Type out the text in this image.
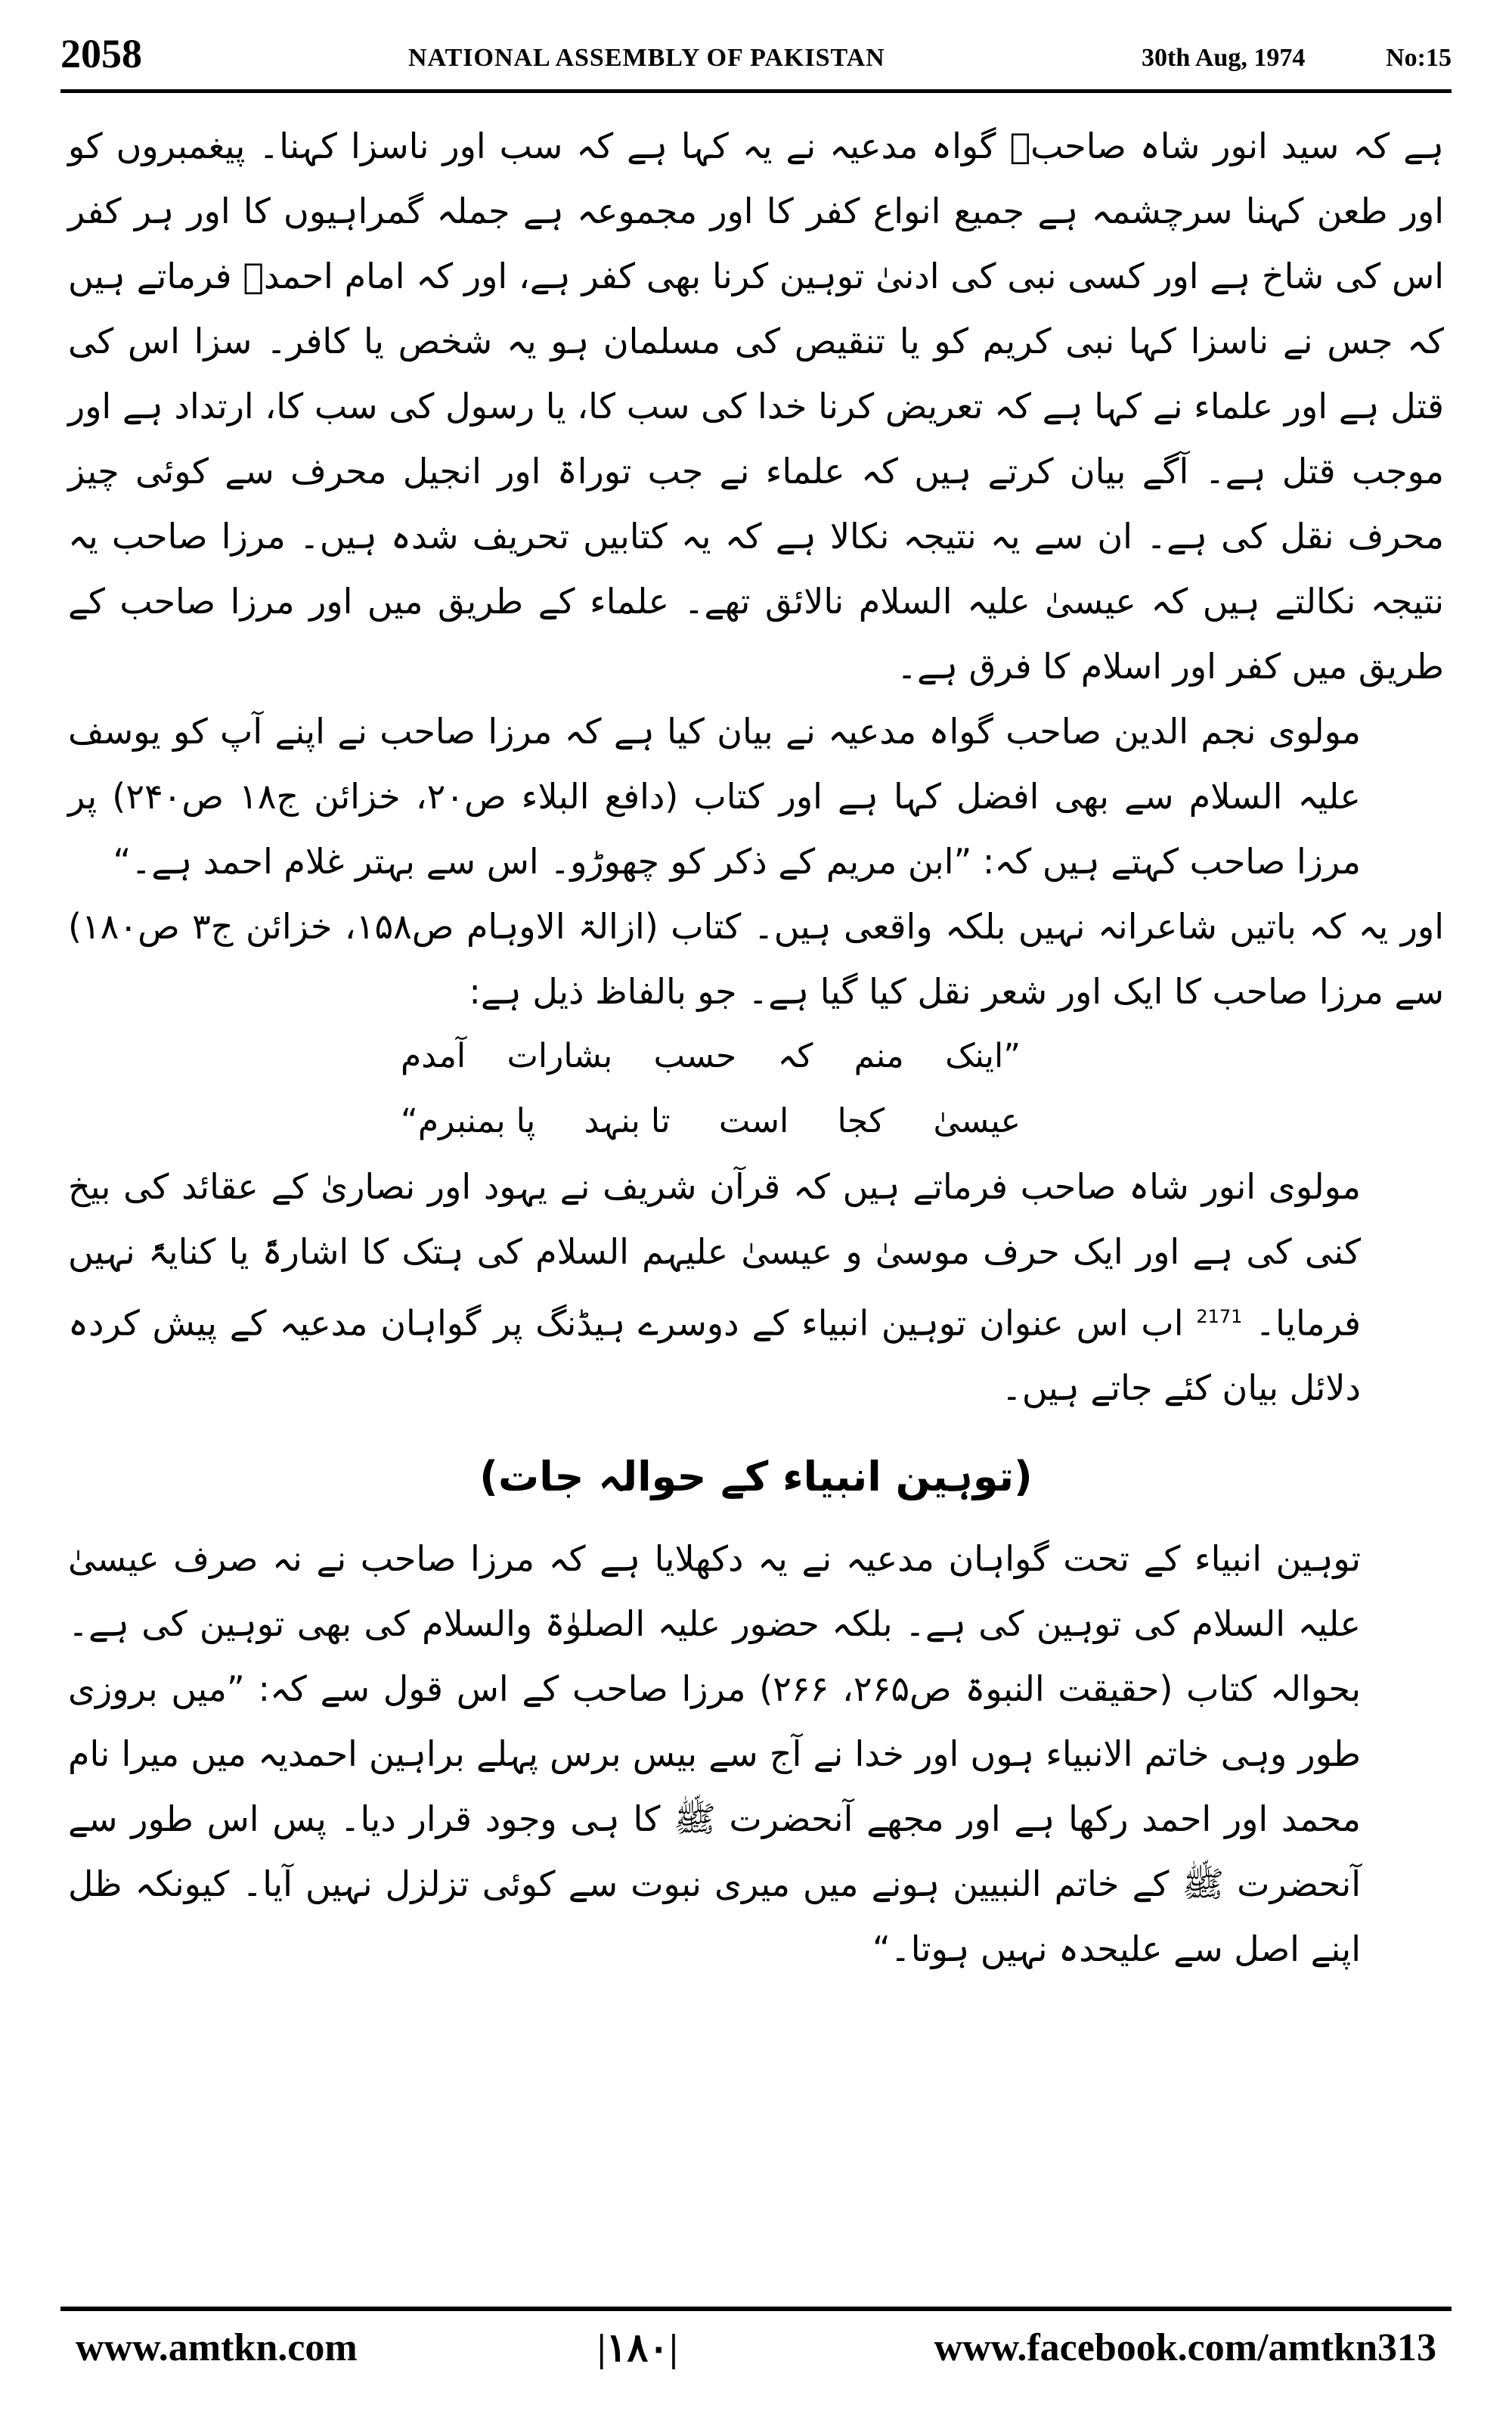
2058	NATIONAL ASSEMBLY OF PAKISTAN	30th Aug, 1974	No:15

ہے کہ سید انور شاہ صاحبؒ گواہ مدعیہ نے یہ کہا ہے کہ سب اور ناسزا کہنا۔ پیغمبروں کو اور طعن کہنا سرچشمہ ہے جمیع انواع کفر کا اور مجموعہ ہے جملہ گمراہیوں کا اور ہر کفر اس کی شاخ ہے اور کسی نبی کی ادنیٰ توہین کرنا بھی کفر ہے، اور کہ امام احمدؒ فرماتے ہیں کہ جس نے ناسزا کہا نبی کریم کو یا تنقیص کی مسلمان ہو یہ شخص یا کافر۔ سزا اس کی قتل ہے اور علماء نے کہا ہے کہ تعریض کرنا خدا کی سب کا، یا رسول کی سب کا، ارتداد ہے اور موجب قتل ہے۔ آگے بیان کرتے ہیں کہ علماء نے جب توراۃ اور انجیل محرف سے کوئی چیز محرف نقل کی ہے۔ ان سے یہ نتیجہ نکالا ہے کہ یہ کتابیں تحریف شدہ ہیں۔ مرزا صاحب یہ نتیجہ نکالتے ہیں کہ عیسیٰ علیہ السلام نالائق تھے۔ علماء کے طریق میں اور مرزا صاحب کے طریق میں کفر اور اسلام کا فرق ہے۔

مولوی نجم الدین صاحب گواہ مدعیہ نے بیان کیا ہے کہ مرزا صاحب نے اپنے آپ کو یوسف علیہ السلام سے بھی افضل کہا ہے اور کتاب (دافع البلاء ص۲۰، خزائن ج۱۸ ص۲۴۰) پر مرزا صاحب کہتے ہیں کہ: ”ابن مریم کے ذکر کو چھوڑو۔ اس سے بہتر غلام احمد ہے۔“

اور یہ کہ باتیں شاعرانہ نہیں بلکہ واقعی ہیں۔ کتاب (ازالۃ الاوہام ص۱۵۸، خزائن ج۳ ص۱۸۰) سے مرزا صاحب کا ایک اور شعر نقل کیا گیا ہے۔ جو بالفاظ ذیل ہے:

”اینک
منم
کہ
حسب
بشارات
آمدم
عیسیٰ
کجا
است
تا بنہد
پا بمنبرم“

مولوی انور شاہ صاحب فرماتے ہیں کہ قرآن شریف نے یہود اور نصاریٰ کے عقائد کی بیخ کنی کی ہے اور ایک حرف موسیٰ و عیسیٰ علیہم السلام کی ہتک کا اشارۃً یا کنایۃً نہیں فرمایا۔ $^{2171}$ اب اس عنوان توہین انبیاء کے دوسرے ہیڈنگ پر گواہان مدعیہ کے پیش کردہ دلائل بیان کئے جاتے ہیں۔

(توہین انبیاء کے حوالہ جات)

توہین انبیاء کے تحت گواہان مدعیہ نے یہ دکھلایا ہے کہ مرزا صاحب نے نہ صرف عیسیٰ علیہ السلام کی توہین کی ہے۔ بلکہ حضور علیہ الصلوٰۃ والسلام کی بھی توہین کی ہے۔ بحوالہ کتاب (حقیقت النبوۃ ص۲۶۵، ۲۶۶) مرزا صاحب کے اس قول سے کہ: ”میں بروزی طور وہی خاتم الانبیاء ہوں اور خدا نے آج سے بیس برس پہلے براہین احمدیہ میں میرا نام محمد اور احمد رکھا ہے اور مجھے آنحضرت ﷺ کا ہی وجود قرار دیا۔ پس اس طور سے آنحضرت ﷺ کے خاتم النبیین ہونے میں میری نبوت سے کوئی تزلزل نہیں آیا۔ کیونکہ ظل اپنے اصل سے علیحدہ نہیں ہوتا۔“

www.amtkn.com	|۱۸۰|	www.facebook.com/amtkn313
